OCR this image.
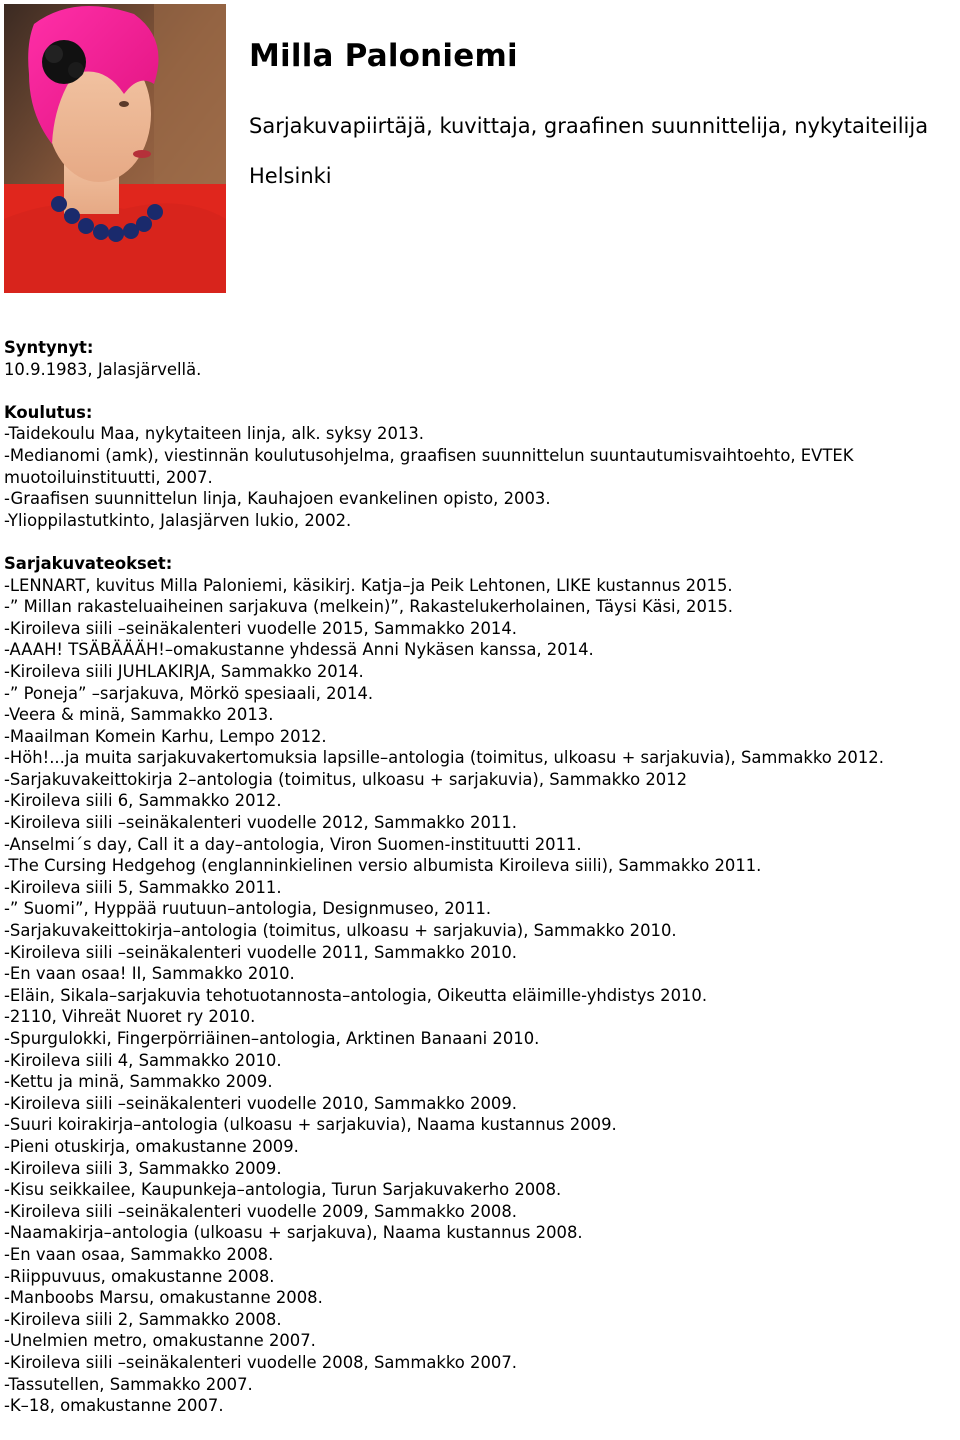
Milla Paloniemi
Sarjakuvapiirtäjä, kuvittaja, graafinen suunnittelija, nykytaiteilija
Helsinki
Syntynyt:
10.9.1983, Jalasjärvellä.
Koulutus:
-Taidekoulu Maa, nykytaiteen linja, alk. syksy 2013.
-Medianomi (amk), viestinnän koulutusohjelma, graafisen suunnittelun suuntautumisvaihtoehto, EVTEK muotoiluinstituutti, 2007.
-Graafisen suunnittelun linja, Kauhajoen evankelinen opisto, 2003.
-Ylioppilastutkinto, Jalasjärven lukio, 2002.
Sarjakuvateokset:
-LENNART, kuvitus Milla Paloniemi, käsikirj. Katja–ja Peik Lehtonen, LIKE kustannus 2015.
-” Millan rakasteluaiheinen sarjakuva (melkein)”, Rakastelukerholainen, Täysi Käsi, 2015.
-Kiroileva siili –seinäkalenteri vuodelle 2015, Sammakko 2014.
-AAAH! TSÄBÄÄÄH!–omakustanne yhdessä Anni Nykäsen kanssa, 2014.
-Kiroileva siili JUHLAKIRJA, Sammakko 2014.
-” Poneja” –sarjakuva, Mörkö spesiaali, 2014.
-Veera & minä, Sammakko 2013.
-Maailman Komein Karhu, Lempo 2012.
-Höh!...ja muita sarjakuvakertomuksia lapsille–antologia (toimitus, ulkoasu + sarjakuvia), Sammakko 2012.
-Sarjakuvakeittokirja 2–antologia (toimitus, ulkoasu + sarjakuvia), Sammakko 2012
-Kiroileva siili 6, Sammakko 2012.
-Kiroileva siili –seinäkalenteri vuodelle 2012, Sammakko 2011.
-Anselmi´s day, Call it a day–antologia, Viron Suomen-instituutti 2011.
-The Cursing Hedgehog (englanninkielinen versio albumista Kiroileva siili), Sammakko 2011.
-Kiroileva siili 5, Sammakko 2011.
-” Suomi”, Hyppää ruutuun–antologia, Designmuseo, 2011.
-Sarjakuvakeittokirja–antologia (toimitus, ulkoasu + sarjakuvia), Sammakko 2010.
-Kiroileva siili –seinäkalenteri vuodelle 2011, Sammakko 2010.
-En vaan osaa! II, Sammakko 2010.
-Eläin, Sikala–sarjakuvia tehotuotannosta–antologia, Oikeutta eläimille-yhdistys 2010.
-2110, Vihreät Nuoret ry 2010.
-Spurgulokki, Fingerpörriäinen–antologia, Arktinen Banaani 2010.
-Kiroileva siili 4, Sammakko 2010.
-Kettu ja minä, Sammakko 2009.
-Kiroileva siili –seinäkalenteri vuodelle 2010, Sammakko 2009.
-Suuri koirakirja–antologia (ulkoasu + sarjakuvia), Naama kustannus 2009.
-Pieni otuskirja, omakustanne 2009.
-Kiroileva siili 3, Sammakko 2009.
-Kisu seikkailee, Kaupunkeja–antologia, Turun Sarjakuvakerho 2008.
-Kiroileva siili –seinäkalenteri vuodelle 2009, Sammakko 2008.
-Naamakirja–antologia (ulkoasu + sarjakuva), Naama kustannus 2008.
-En vaan osaa, Sammakko 2008.
-Riippuvuus, omakustanne 2008.
-Manboobs Marsu, omakustanne 2008.
-Kiroileva siili 2, Sammakko 2008.
-Unelmien metro, omakustanne 2007.
-Kiroileva siili –seinäkalenteri vuodelle 2008, Sammakko 2007.
-Tassutellen, Sammakko 2007.
-K–18, omakustanne 2007.
